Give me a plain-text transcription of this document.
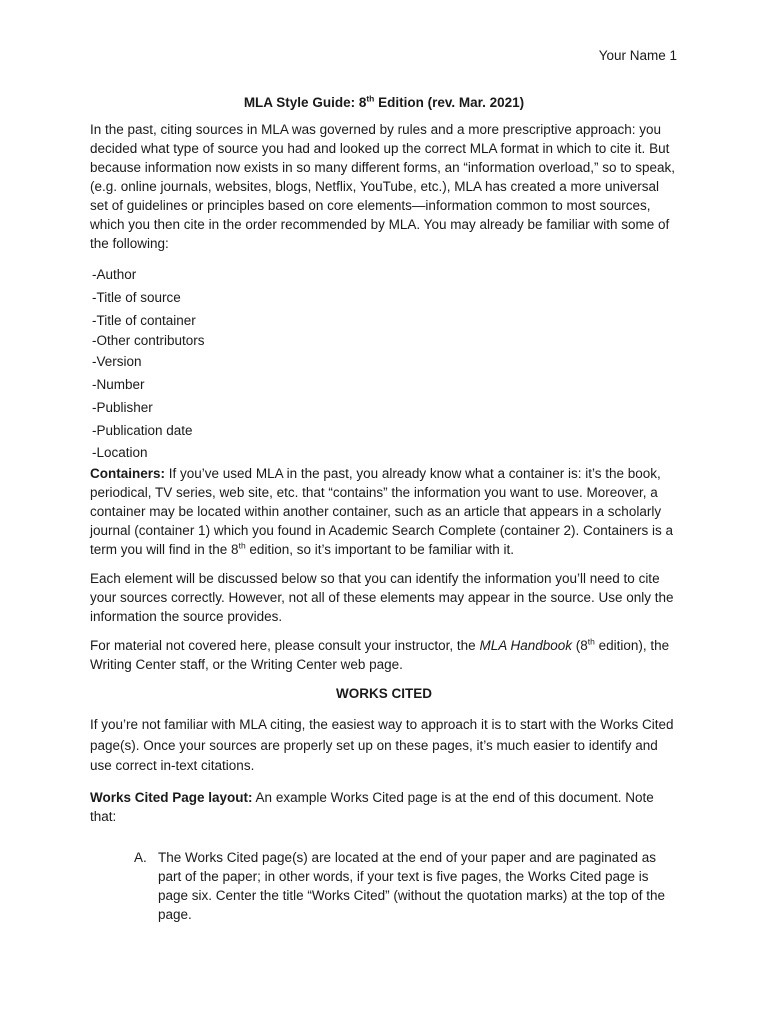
Your Name 1
MLA Style Guide: 8th Edition (rev. Mar. 2021)

In the past, citing sources in MLA was governed by rules and a more prescriptive approach: you decided what type of source you had and looked up the correct MLA format in which to cite it. But because information now exists in so many different forms, an “information overload,” so to speak, (e.g. online journals, websites, blogs, Netflix, YouTube, etc.), MLA has created a more universal set of guidelines or principles based on core elements—information common to most sources, which you then cite in the order recommended by MLA. You may already be familiar with some of the following:

-Author
-Title of source
-Title of container
-Other contributors
-Version
-Number
-Publisher
-Publication date
-Location

Containers: If you’ve used MLA in the past, you already know what a container is: it’s the book, periodical, TV series, web site, etc. that “contains” the information you want to use. Moreover, a container may be located within another container, such as an article that appears in a scholarly journal (container 1) which you found in Academic Search Complete (container 2). Containers is a term you will find in the 8th edition, so it’s important to be familiar with it.

Each element will be discussed below so that you can identify the information you’ll need to cite your sources correctly. However, not all of these elements may appear in the source. Use only the information the source provides.

For material not covered here, please consult your instructor, the MLA Handbook (8th edition), the Writing Center staff, or the Writing Center web page.

WORKS CITED

If you’re not familiar with MLA citing, the easiest way to approach it is to start with the Works Cited page(s). Once your sources are properly set up on these pages, it’s much easier to identify and use correct in-text citations.

Works Cited Page layout: An example Works Cited page is at the end of this document. Note that:

A. The Works Cited page(s) are located at the end of your paper and are paginated as part of the paper; in other words, if your text is five pages, the Works Cited page is page six. Center the title “Works Cited” (without the quotation marks) at the top of the page.
